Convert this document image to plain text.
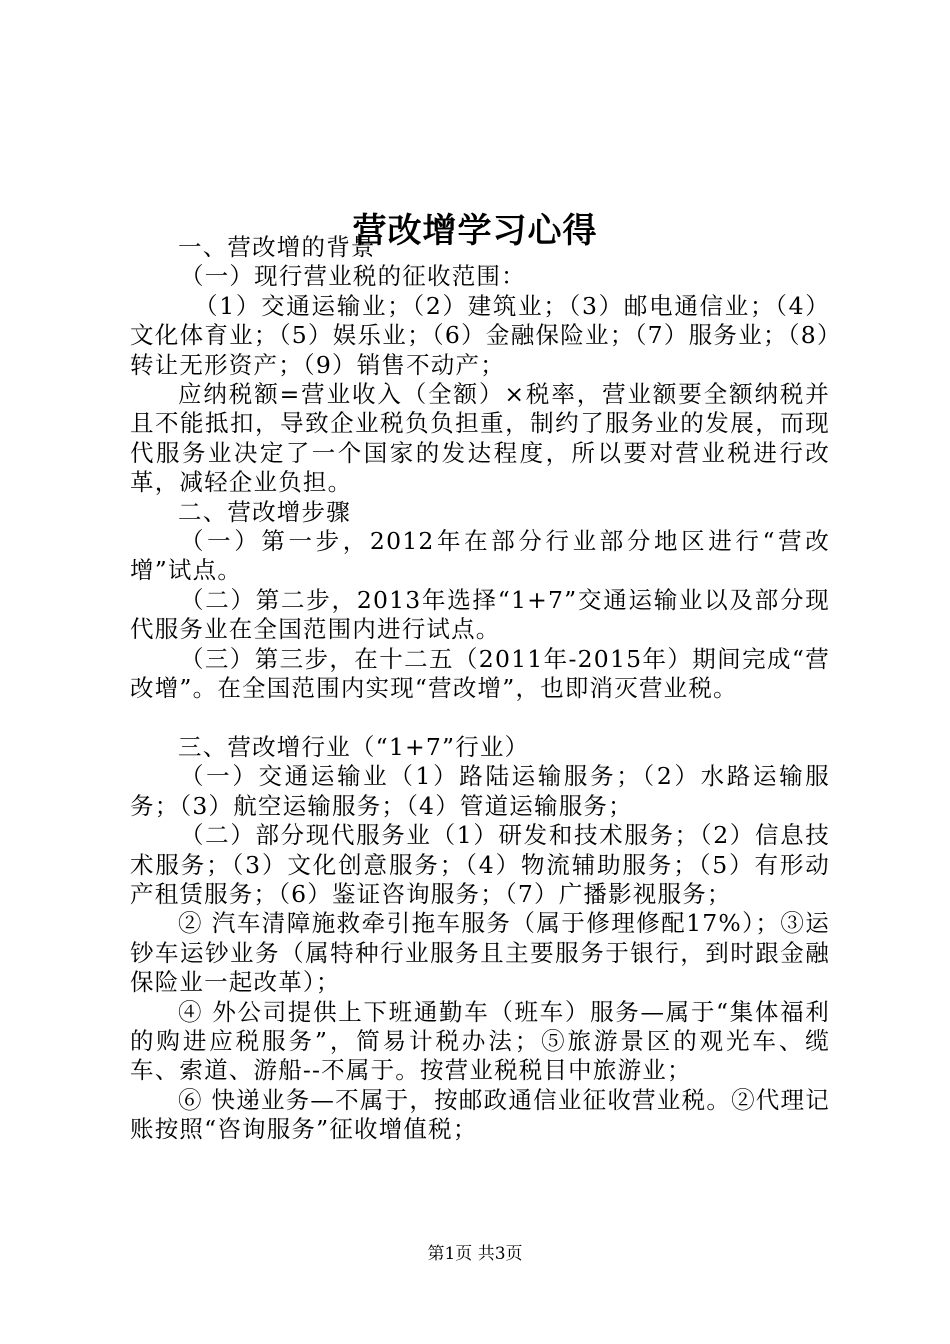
营改增学习心得

一、营改增的背景

（一）现行营业税的征收范围：

（1）交通运输业；（2）建筑业；（3）邮电通信业；（4）文化体育业；（5）娱乐业；（6）金融保险业；（7）服务业；（8）转让无形资产；（9）销售不动产；

应纳税额=营业收入（全额）×税率，营业额要全额纳税并且不能抵扣，导致企业税负负担重，制约了服务业的发展，而现代服务业决定了一个国家的发达程度，所以要对营业税进行改革，减轻企业负担。

二、营改增步骤

（一）第一步，2012年在部分行业部分地区进行“营改增”试点。

（二）第二步，2013年选择“1+7”交通运输业以及部分现代服务业在全国范围内进行试点。

（三）第三步，在十二五（2011年-2015年）期间完成“营改增”。在全国范围内实现“营改增”，也即消灭营业税。

三、营改增行业（“1+7”行业）

（一）交通运输业（1）路陆运输服务；（2）水路运输服务；（3）航空运输服务；（4）管道运输服务；

（二）部分现代服务业（1）研发和技术服务；（2）信息技术服务；（3）文化创意服务；（4）物流辅助服务；（5）有形动产租赁服务；（6）鉴证咨询服务；（7）广播影视服务；

② 汽车清障施救牵引拖车服务（属于修理修配17%）；③运钞车运钞业务（属特种行业服务且主要服务于银行，到时跟金融保险业一起改革）；

④ 外公司提供上下班通勤车（班车）服务—属于“集体福利的购进应税服务”，简易计税办法；⑤旅游景区的观光车、缆车、索道、游船--不属于。按营业税税目中旅游业；

⑥ 快递业务—不属于，按邮政通信业征收营业税。②代理记账按照“咨询服务”征收增值税；

第1页 共3页
